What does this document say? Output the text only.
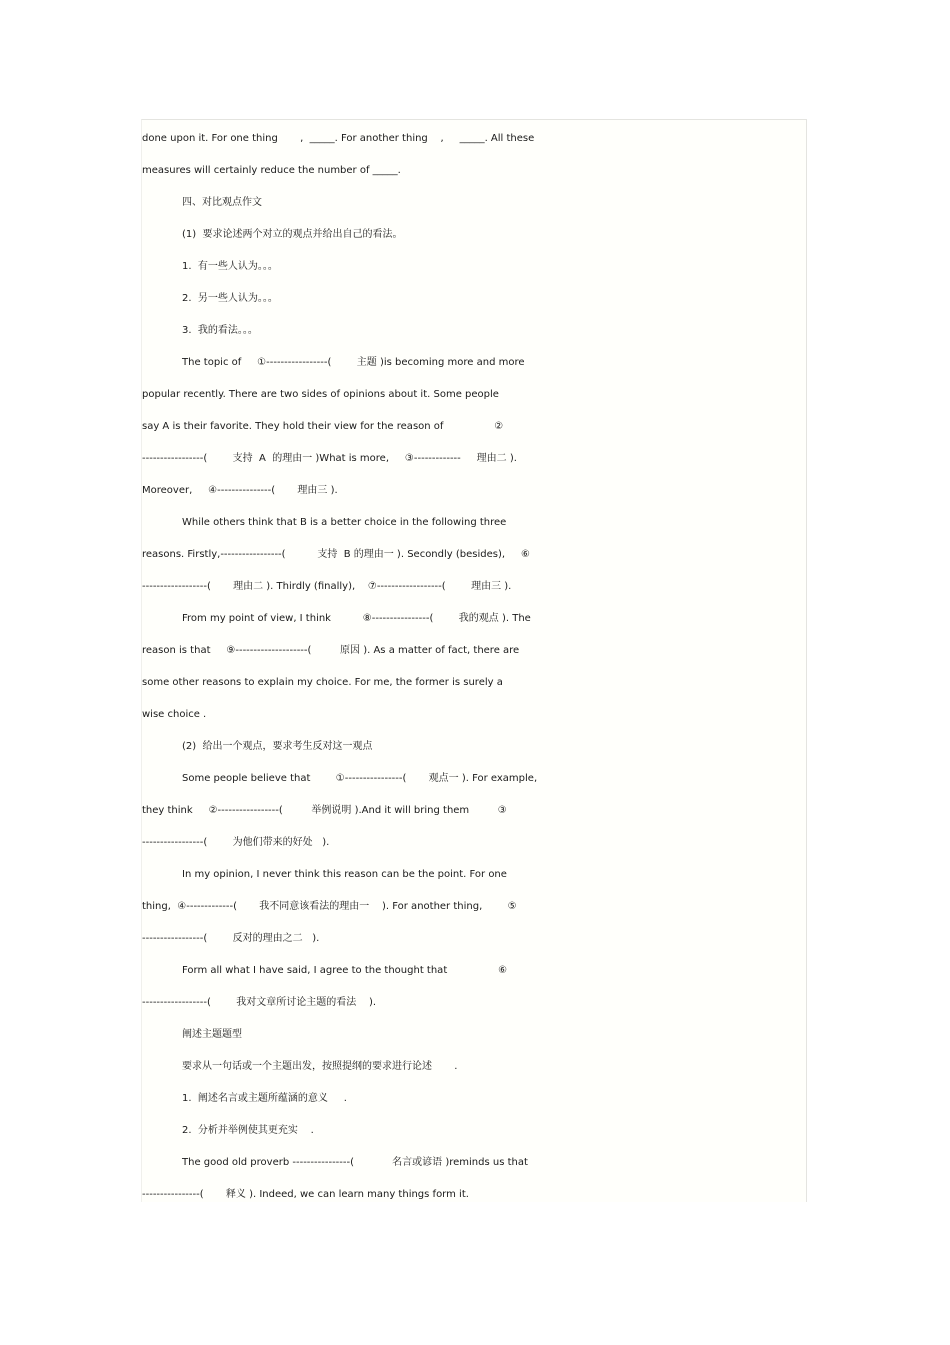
done upon it. For one thing       ,  _____. For another thing    ,     _____. All these
measures will certainly reduce the number of _____.
四、对比观点作文
(1)  要求论述两个对立的观点并给出自己的看法。
1.  有一些人认为。。。
2.  另一些人认为。。。
3.  我的看法。。。
The topic of     ①-----------------(        主题 )is becoming more and more
popular recently. There are two sides of opinions about it. Some people
say A is their favorite. They hold their view for the reason of                ②
-----------------(        支持  A  的理由一 )What is more,     ③-------------     理由二 ).
Moreover,     ④---------------(       理由三 ).
While others think that B is a better choice in the following three
reasons. Firstly,-----------------(          支持  B 的理由一 ). Secondly (besides),     ⑥
------------------(       理由二 ). Thirdly (finally),    ⑦------------------(        理由三 ).
From my point of view, I think          ⑧----------------(        我的观点 ). The
reason is that     ⑨--------------------(         原因 ). As a matter of fact, there are
some other reasons to explain my choice. For me, the former is surely a
wise choice .
(2)  给出一个观点，要求考生反对这一观点
Some people believe that        ①----------------(       观点一 ). For example,
they think     ②-----------------(         举例说明 ).And it will bring them         ③
-----------------(        为他们带来的好处   ).
In my opinion, I never think this reason can be the point. For one
thing,  ④-------------(       我不同意该看法的理由一    ). For another thing,        ⑤
-----------------(        反对的理由之二   ).
Form all what I have said, I agree to the thought that                ⑥
------------------(        我对文章所讨论主题的看法    ).
阐述主题题型
要求从一句话或一个主题出发，按照提纲的要求进行论述       .
1.  阐述名言或主题所蕴涵的意义     .
2.  分析并举例使其更充实    .
The good old proverb ----------------(            名言或谚语 )reminds us that
----------------(       释义 ). Indeed, we can learn many things form it.
